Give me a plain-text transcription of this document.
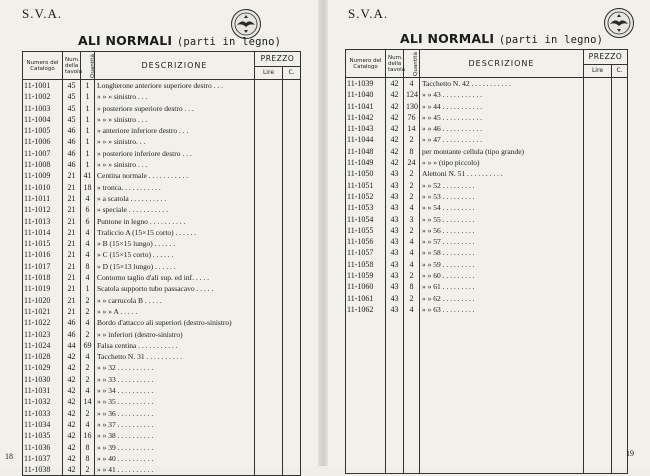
S.V.A.
ALI NORMALI (parti in legno)
Numero del Catalogo	Num. della tavola	Quantità	DESCRIZIONE	PREZZO	
				Lire	C.
11-1001	45	1	Longherone anteriore superiore destro . . .		
11-1002	45	1	» » » sinistro . . .		
11-1003	45	1	» posteriore superiore destro . . .		
11-1004	45	1	» » » sinistro . . .		
11-1005	46	1	» anteriore inferiore destro . . .		
11-1006	46	1	» » » sinistro. . .		
11-1007	46	1	» posteriore inferiore destro . . .		
11-1008	46	1	» » » sinistro . . .		
11-1009	21	41	Centina normale . . . . . . . . . . .		
11-1010	21	18	» tronca. . . . . . . . . . .		
11-1011	21	4	» a scatola . . . . . . . . . .		
11-1012	21	6	» speciale . . . . . . . . . . .		
11-1013	21	6	Puntone in legno . . . . . . . . . .		
11-1014	21	4	Traliccio A (15×15 corto) . . . . . .		
11-1015	21	4	» B (15×15 lungo) . . . . . .		
11-1016	21	4	» C (15×15 corto) . . . . . .		
11-1017	21	8	» D (15×13 lungo) . . . . . .		
11-1018	21	4	Contorno taglio d'ali sup. ed inf. . . . .		
11-1019	21	1	Scatola supporto tubo passacavo . . . . .		
11-1020	21	2	» » carrucola B . . . . .		
11-1021	21	2	» » » A . . . . .		
11-1022	46	4	Bordo d'attacco ali superiori (destro-sinistro)		
11-1023	46	2	» » inferiori (destro-sinistro)		
11-1024	44	69	Falsa centina . . . . . . . . . . .		
11-1028	42	4	Tacchetto N. 31 . . . . . . . . . .		
11-1029	42	2	» » 32 . . . . . . . . . .		
11-1030	42	2	» » 33 . . . . . . . . . .		
11-1031	42	4	» » 34 . . . . . . . . . .		
11-1032	42	14	» » 35 . . . . . . . . . .		
11-1033	42	2	» » 36 . . . . . . . . . .		
11-1034	42	4	» » 37 . . . . . . . . . .		
11-1035	42	16	» » 38 . . . . . . . . . .		
11-1036	42	8	» » 39 . . . . . . . . . .		
11-1037	42	8	» » 40 . . . . . . . . . .		
11-1038	42	2	» » 41 . . . . . . . . . .		
18
S.V.A.
ALI NORMALI (parti in legno)
Numero del Catalogo	Num. della tavola	Quantità	DESCRIZIONE	PREZZO	
				Lire	C.
11-1039	42	4	Tacchetto N. 42 . . . . . . . . . . .		
11-1040	42	124	» » 43 . . . . . . . . . . .		
11-1041	42	130	» » 44 . . . . . . . . . . .		
11-1042	42	76	» » 45 . . . . . . . . . . .		
11-1043	42	14	» » 46 . . . . . . . . . . .		
11-1044	42	2	» » 47 . . . . . . . . . . .		
11-1048	42	8	per montante cellula (tipo grande)		
11-1049	42	24	» » » (tipo piccolo)		
11-1050	43	2	Alettoni N. 51 . . . . . . . . . .		
11-1051	43	2	» » 52 . . . . . . . . .		
11-1052	43	2	» » 53 . . . . . . . . .		
11-1053	43	4	» » 54 . . . . . . . . .		
11-1054	43	3	» » 55 . . . . . . . . .		
11-1055	43	2	» » 56 . . . . . . . . .		
11-1056	43	4	» » 57 . . . . . . . . .		
11-1057	43	4	» » 58 . . . . . . . . .		
11-1058	43	4	» » 59 . . . . . . . . .		
11-1059	43	2	» » 60 . . . . . . . . .		
11-1060	43	8	» » 61 . . . . . . . . .		
11-1061	43	2	» » 62 . . . . . . . . .		
11-1062	43	4	» » 63 . . . . . . . . .		

19
